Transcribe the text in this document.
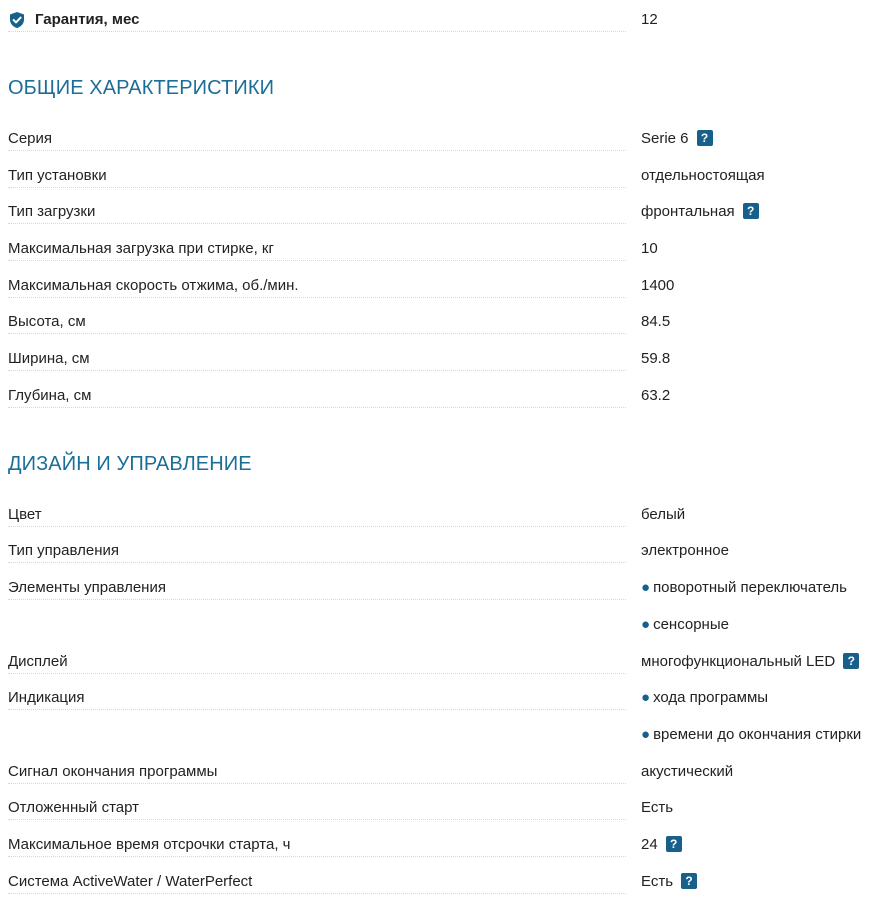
Гарантия, мес	12
ОБЩИЕ ХАРАКТЕРИСТИКИ
Серия	Serie 6 ?
Тип установки	отдельностоящая
Тип загрузки	фронтальная ?
Максимальная загрузка при стирке, кг	10
Максимальная скорость отжима, об./мин.	1400
Высота, см	84.5
Ширина, см	59.8
Глубина, см	63.2
ДИЗАЙН И УПРАВЛЕНИЕ
Цвет	белый
Тип управления	электронное
Элементы управления	● поворотный переключатель
● сенсорные
Дисплей	многофункциональный LED ?
Индикация	● хода программы
● времени до окончания стирки
Сигнал окончания программы	акустический
Отложенный старт	Есть
Максимальное время отсрочки старта, ч	24 ?
Система ActiveWater / WaterPerfect	Есть ?
